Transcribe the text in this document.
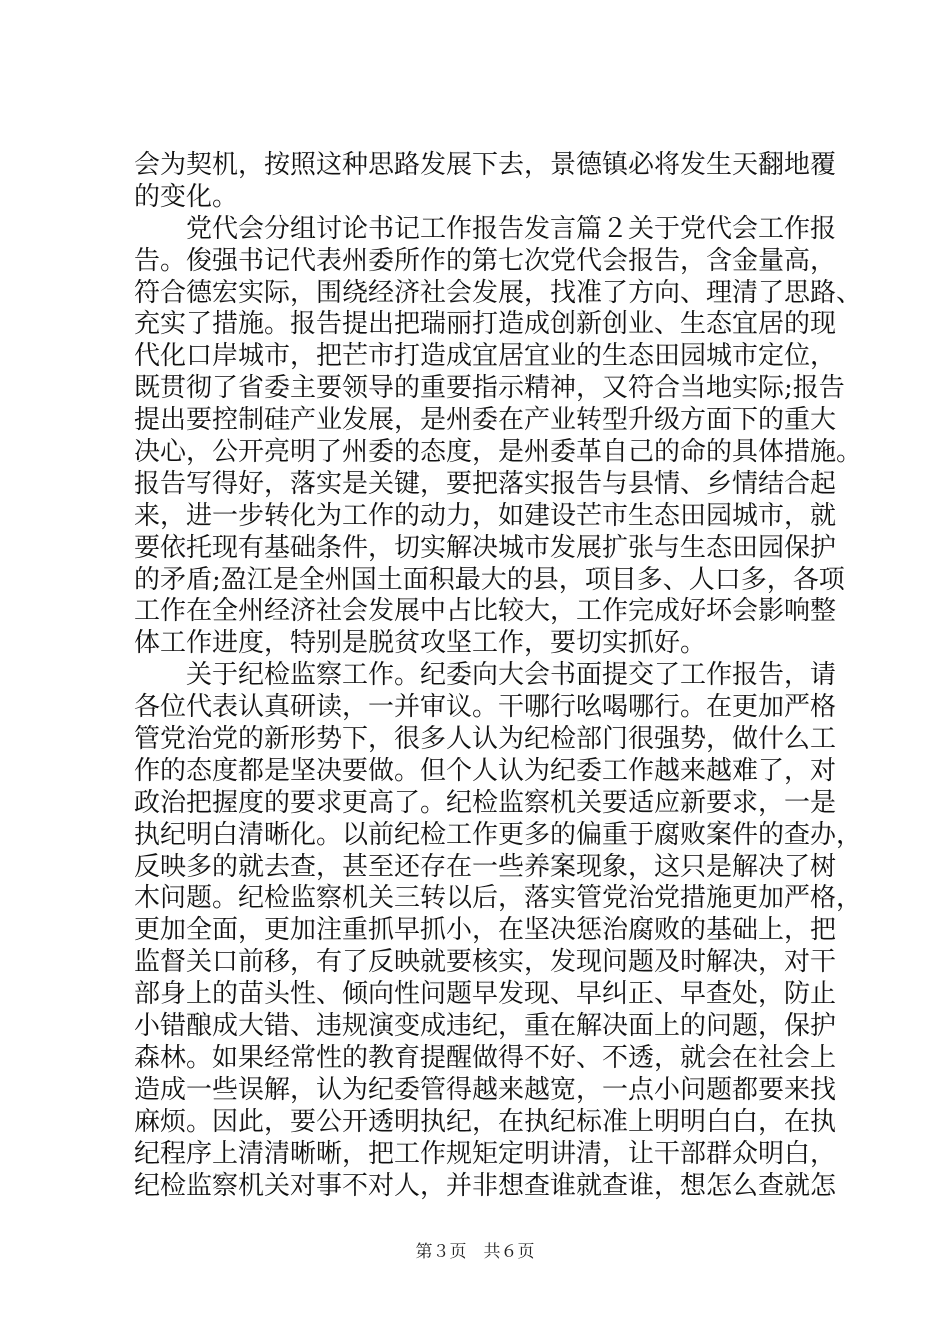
会为契机，按照这种思路发展下去，景德镇必将发生天翻地覆
的变化。
党代会分组讨论书记工作报告发言篇２关于党代会工作报
告。俊强书记代表州委所作的第七次党代会报告，含金量高，
符合德宏实际，围绕经济社会发展，找准了方向、理清了思路、
充实了措施。报告提出把瑞丽打造成创新创业、生态宜居的现
代化口岸城市，把芒市打造成宜居宜业的生态田园城市定位，
既贯彻了省委主要领导的重要指示精神，又符合当地实际;报告
提出要控制硅产业发展，是州委在产业转型升级方面下的重大
决心，公开亮明了州委的态度，是州委革自己的命的具体措施。
报告写得好，落实是关键，要把落实报告与县情、乡情结合起
来，进一步转化为工作的动力，如建设芒市生态田园城市，就
要依托现有基础条件，切实解决城市发展扩张与生态田园保护
的矛盾;盈江是全州国土面积最大的县，项目多、人口多，各项
工作在全州经济社会发展中占比较大，工作完成好坏会影响整
体工作进度，特别是脱贫攻坚工作，要切实抓好。
关于纪检监察工作。纪委向大会书面提交了工作报告，请
各位代表认真研读，一并审议。干哪行吆喝哪行。在更加严格
管党治党的新形势下，很多人认为纪检部门很强势，做什么工
作的态度都是坚决要做。但个人认为纪委工作越来越难了，对
政治把握度的要求更高了。纪检监察机关要适应新要求，一是
执纪明白清晰化。以前纪检工作更多的偏重于腐败案件的查办，
反映多的就去查，甚至还存在一些养案现象，这只是解决了树
木问题。纪检监察机关三转以后，落实管党治党措施更加严格，
更加全面，更加注重抓早抓小，在坚决惩治腐败的基础上，把
监督关口前移，有了反映就要核实，发现问题及时解决，对干
部身上的苗头性、倾向性问题早发现、早纠正、早查处，防止
小错酿成大错、违规演变成违纪，重在解决面上的问题，保护
森林。如果经常性的教育提醒做得不好、不透，就会在社会上
造成一些误解，认为纪委管得越来越宽，一点小问题都要来找
麻烦。因此，要公开透明执纪，在执纪标准上明明白白，在执
纪程序上清清晰晰，把工作规矩定明讲清，让干部群众明白，
纪检监察机关对事不对人，并非想查谁就查谁，想怎么查就怎
第３页　共６页
